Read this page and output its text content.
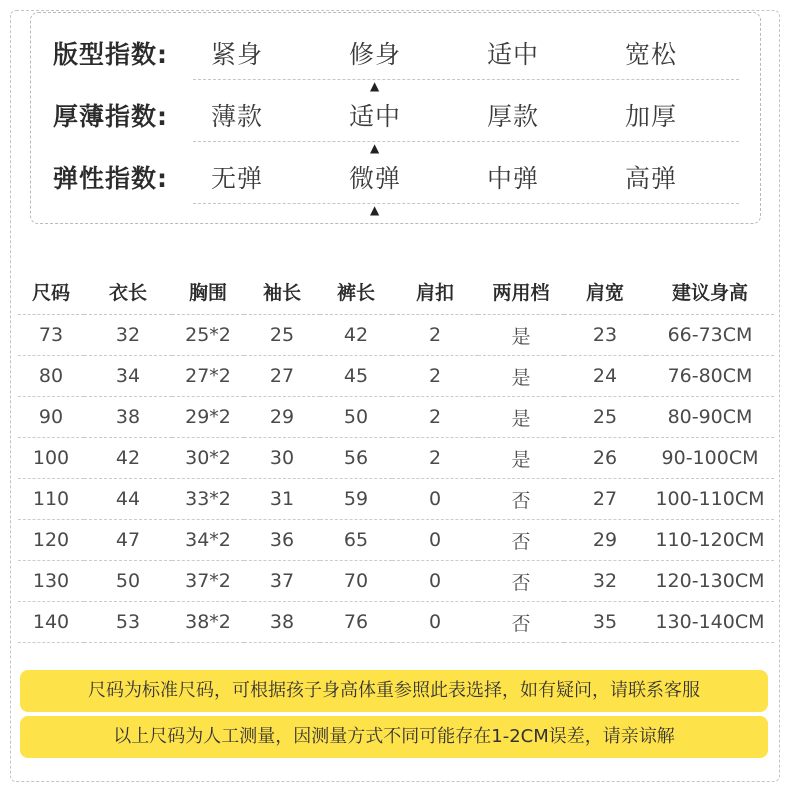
版型指数: 紧身	修身	适中	宽松
▲
厚薄指数: 薄款	适中	厚款	加厚
▲
弹性指数: 无弹	微弹	中弹	高弹
▲
尺码	衣长	胸围	袖长	裤长	肩扣	两用档	肩宽	建议身高
73	32	25*2	25	42	2	是	23	66-73CM
80	34	27*2	27	45	2	是	24	76-80CM
90	38	29*2	29	50	2	是	25	80-90CM
100	42	30*2	30	56	2	是	26	90-100CM
110	44	33*2	31	59	0	否	27	100-110CM
120	47	34*2	36	65	0	否	29	110-120CM
130	50	37*2	37	70	0	否	32	120-130CM
140	53	38*2	38	76	0	否	35	130-140CM
尺码为标准尺码，可根据孩子身高体重参照此表选择，如有疑问，请联系客服
以上尺码为人工测量，因测量方式不同可能存在1-2CM误差，请亲谅解
